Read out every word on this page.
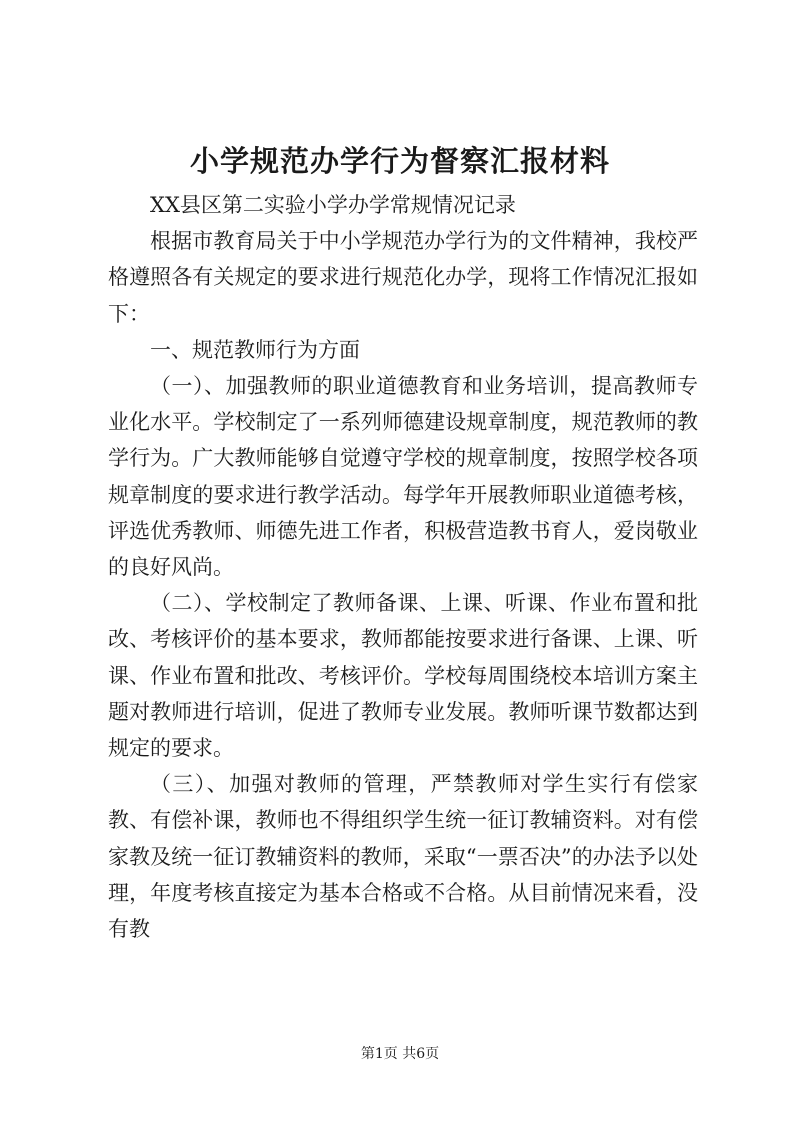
小学规范办学行为督察汇报材料

XX县区第二实验小学办学常规情况记录

根据市教育局关于中小学规范办学行为的文件精神，我校严格遵照各有关规定的要求进行规范化办学，现将工作情况汇报如下：

一、规范教师行为方面

（一）、加强教师的职业道德教育和业务培训，提高教师专业化水平。学校制定了一系列师德建设规章制度，规范教师的教学行为。广大教师能够自觉遵守学校的规章制度，按照学校各项规章制度的要求进行教学活动。每学年开展教师职业道德考核，评选优秀教师、师德先进工作者，积极营造教书育人，爱岗敬业的良好风尚。

（二）、学校制定了教师备课、上课、听课、作业布置和批改、考核评价的基本要求，教师都能按要求进行备课、上课、听课、作业布置和批改、考核评价。学校每周围绕校本培训方案主题对教师进行培训，促进了教师专业发展。教师听课节数都达到规定的要求。

（三）、加强对教师的管理，严禁教师对学生实行有偿家教、有偿补课，教师也不得组织学生统一征订教辅资料。对有偿家教及统一征订教辅资料的教师，采取“一票否决”的办法予以处理，年度考核直接定为基本合格或不合格。从目前情况来看，没有教

第1页 共6页
